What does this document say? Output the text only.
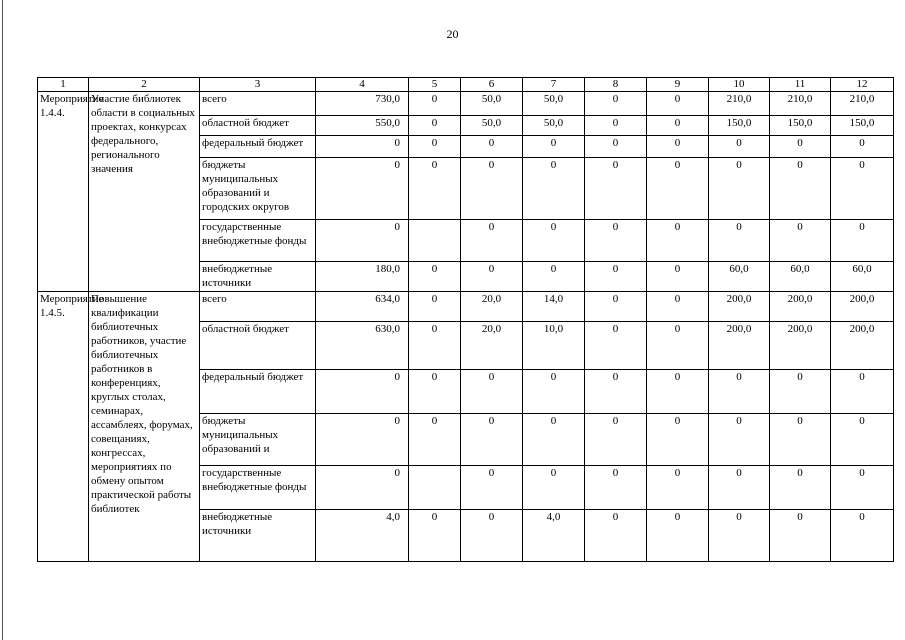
20
1	2	3	4	5	6	7	8	9	10	11	12
Мероприятие 1.4.4.	Участие библиотек области в социальных проектах, конкурсах федерального, регионального значения	всего	730,0	0	50,0	50,0	0	0	210,0	210,0	210,0
		областной бюджет	550,0	0	50,0	50,0	0	0	150,0	150,0	150,0
		федеральный бюджет	0	0	0	0	0	0	0	0	0
		бюджеты муниципальных образований и городских округов	0	0	0	0	0	0	0	0	0
		государственные внебюджетные фонды	0		0	0	0	0	0	0	0
		внебюджетные источники	180,0	0	0	0	0	0	60,0	60,0	60,0
Мероприятие 1.4.5.	Повышение квалификации библиотечных работников, участие библиотечных работников в конференциях, круглых столах, семинарах, ассамблеях, форумах, совещаниях, конгрессах, мероприятиях по обмену опытом практической работы библиотек	всего	634,0	0	20,0	14,0	0	0	200,0	200,0	200,0
		областной бюджет	630,0	0	20,0	10,0	0	0	200,0	200,0	200,0
		федеральный бюджет	0	0	0	0	0	0	0	0	0
		бюджеты муниципальных образований и	0	0	0	0	0	0	0	0	0
		государственные внебюджетные фонды	0		0	0	0	0	0	0	0
		внебюджетные источники	4,0	0	0	4,0	0	0	0	0	0
